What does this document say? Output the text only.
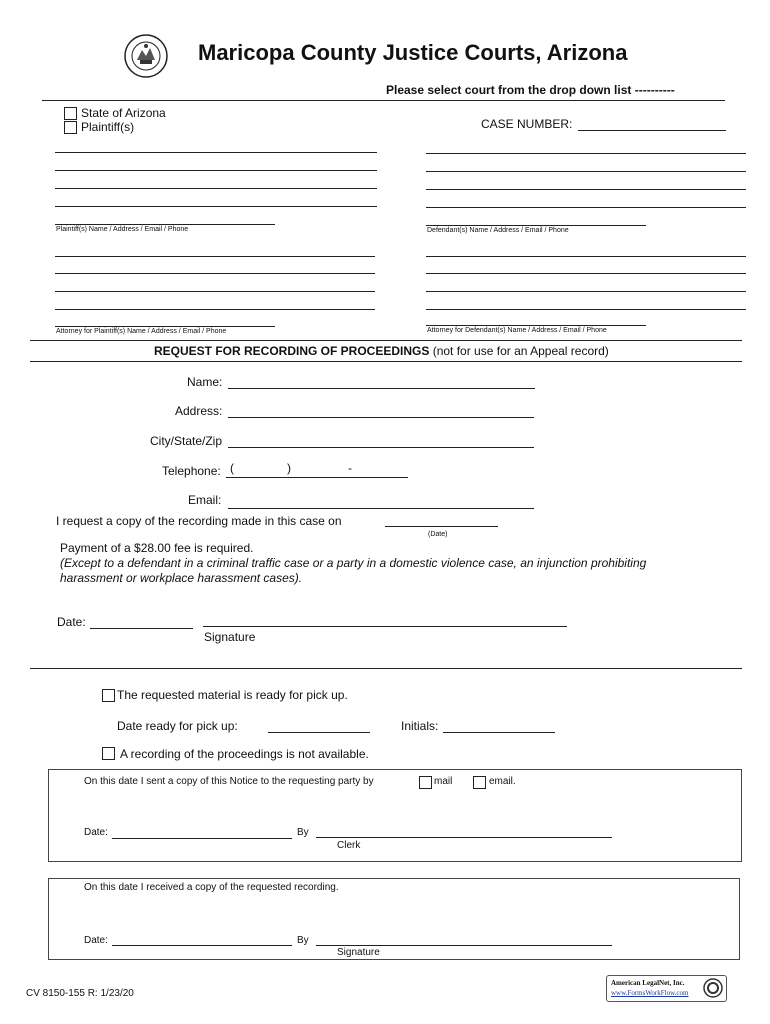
Maricopa County Justice Courts, Arizona
Please select court from the drop down list ----------
State of Arizona
Plaintiff(s)	CASE NUMBER:
Plaintiff(s) Name / Address / Email / Phone	Defendant(s) Name / Address / Email / Phone
Attorney for Plaintiff(s) Name / Address / Email / Phone	Attorney for Defendant(s) Name / Address / Email / Phone
REQUEST FOR RECORDING OF PROCEEDINGS (not for use for an Appeal record)
Name:
Address:
City/State/Zip
Telephone: (	)	-
Email:
I request a copy of the recording made in this case on
(Date)
Payment of a $28.00 fee is required.
(Except to a defendant in a criminal traffic case or a party in a domestic violence case, an injunction prohibiting harassment or workplace harassment cases).
Date:
Signature
The requested material is ready for pick up.
Date ready for pick up:	Initials:
A recording of the proceedings is not available.
On this date I sent a copy of this Notice to the requesting party by	mail	email.
Date:	By
Clerk
On this date I received a copy of the requested recording.
Date:	By
Signature
CV 8150-155 R: 1/23/20
American LegalNet, Inc.
www.FormsWorkFlow.com
